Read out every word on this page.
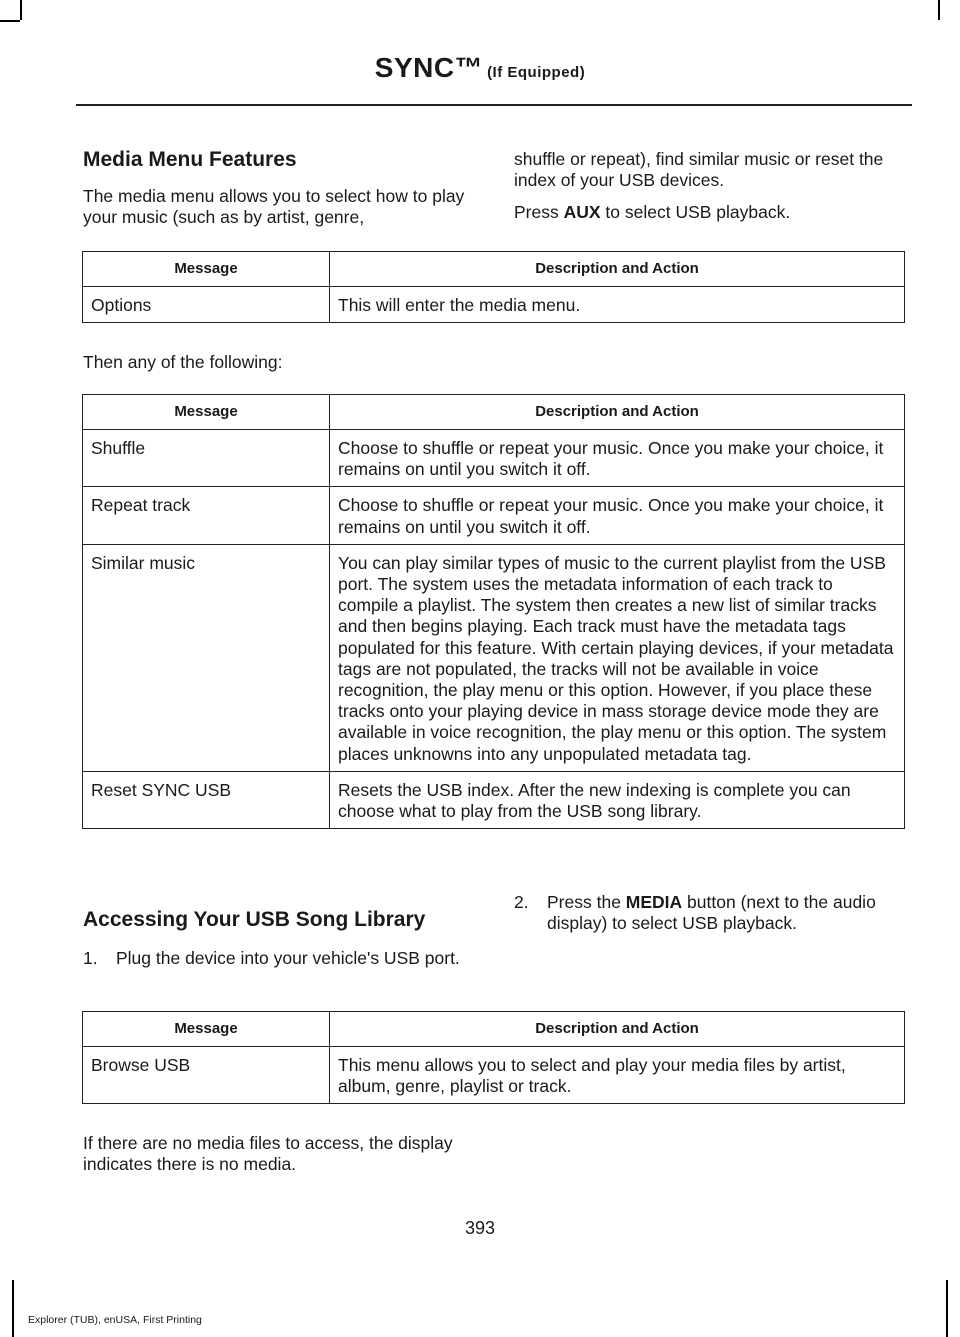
SYNC™ (If Equipped)
Media Menu Features

The media menu allows you to select how to play your music (such as by artist, genre,

shuffle or repeat), find similar music or reset the index of your USB devices.

Press AUX to select USB playback.

Message	Description and Action
Options	This will enter the media menu.

Then any of the following:

Message	Description and Action
Shuffle	Choose to shuffle or repeat your music. Once you make your choice, it remains on until you switch it off.
Repeat track	Choose to shuffle or repeat your music. Once you make your choice, it remains on until you switch it off.
Similar music	You can play similar types of music to the current playlist from the USB port. The system uses the metadata information of each track to compile a playlist. The system then creates a new list of similar tracks and then begins playing. Each track must have the metadata tags populated for this feature. With certain playing devices, if your metadata tags are not populated, the tracks will not be available in voice recognition, the play menu or this option. However, if you place these tracks onto your playing device in mass storage device mode they are available in voice recognition, the play menu or this option. The system places unknowns into any unpopulated metadata tag.
Reset SYNC USB	Resets the USB index. After the new indexing is complete you can choose what to play from the USB song library.
Accessing Your USB Song Library
1. Plug the device into your vehicle's USB port.
2. Press the MEDIA button (next to the audio display) to select USB playback.
Message	Description and Action
Browse USB	This menu allows you to select and play your media files by artist, album, genre, playlist or track.

If there are no media files to access, the display indicates there is no media.

393
Explorer (TUB), enUSA, First Printing
